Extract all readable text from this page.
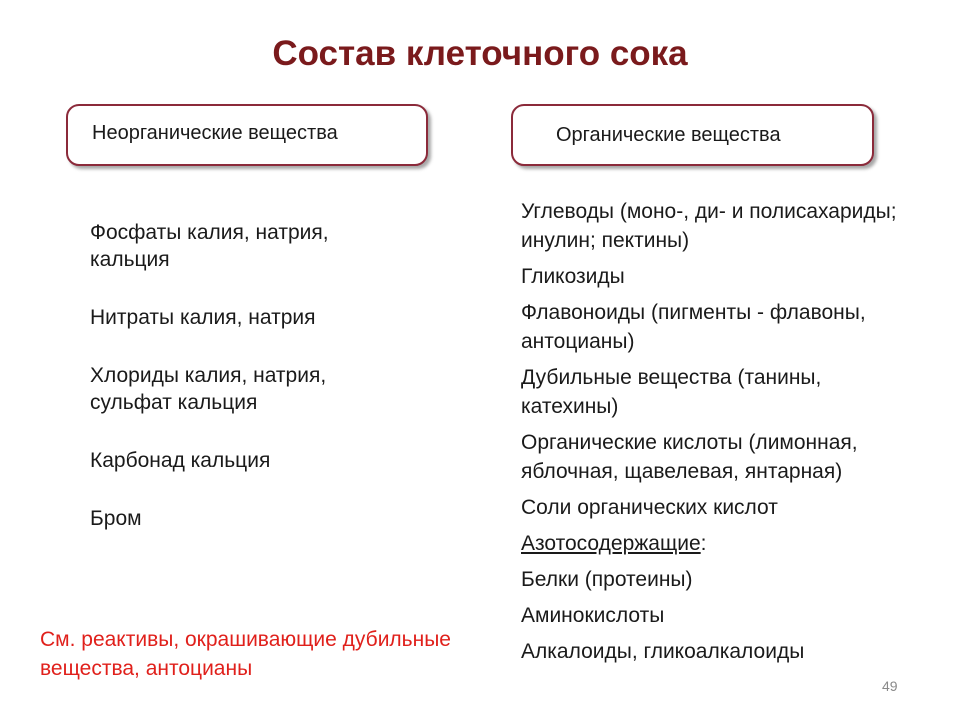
Состав клеточного сока
Неорганические вещества	Органические вещества

Фосфаты калия, натрия, кальция

Нитраты калия, натрия

Хлориды калия, натрия, сульфат кальция

Карбонад кальция

Бром

Углеводы (моно-, ди- и полисахариды; инулин; пектины)

Гликозиды

Флавоноиды (пигменты - флавоны, антоцианы)

Дубильные вещества (танины, катехины)

Органические кислоты (лимонная, яблочная, щавелевая, янтарная)

Соли органических кислот

Азотосодержащие:

Белки (протеины)

Аминокислоты

Алкалоиды, гликоалкалоиды

См. реактивы, окрашивающие дубильные вещества, антоцианы
49
